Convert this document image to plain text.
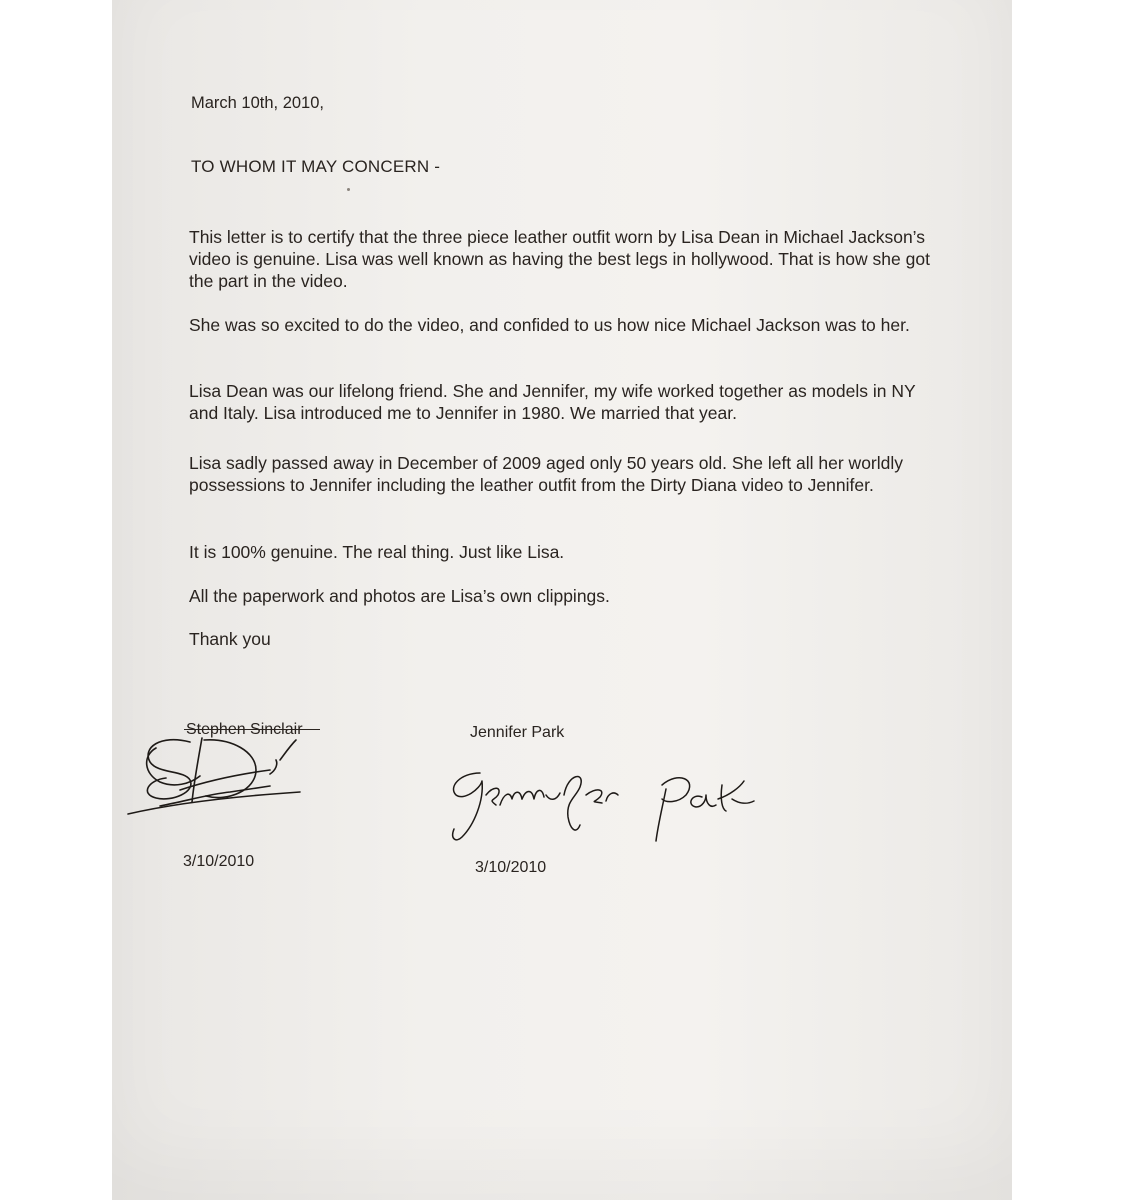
March 10th, 2010,

TO WHOM IT MAY CONCERN -

This letter is to certify that the three piece leather outfit worn by Lisa Dean in Michael Jackson’s video is genuine. Lisa was well known as having the best legs in hollywood. That is how she got the part in the video.

She was so excited to do the video, and confided to us how nice Michael Jackson was to her.

Lisa Dean was our lifelong friend. She and Jennifer, my wife worked together as models in NY and Italy. Lisa introduced me to Jennifer in 1980. We married that year.

Lisa sadly passed away in December of 2009 aged only 50 years old. She left all her worldly possessions to Jennifer including the leather outfit from the Dirty Diana video to Jennifer.

It is 100% genuine. The real thing. Just like Lisa.

All the paperwork and photos are Lisa’s own clippings.

Thank you

Stephen Sinclair	Jennifer Park

3/10/2010	3/10/2010
